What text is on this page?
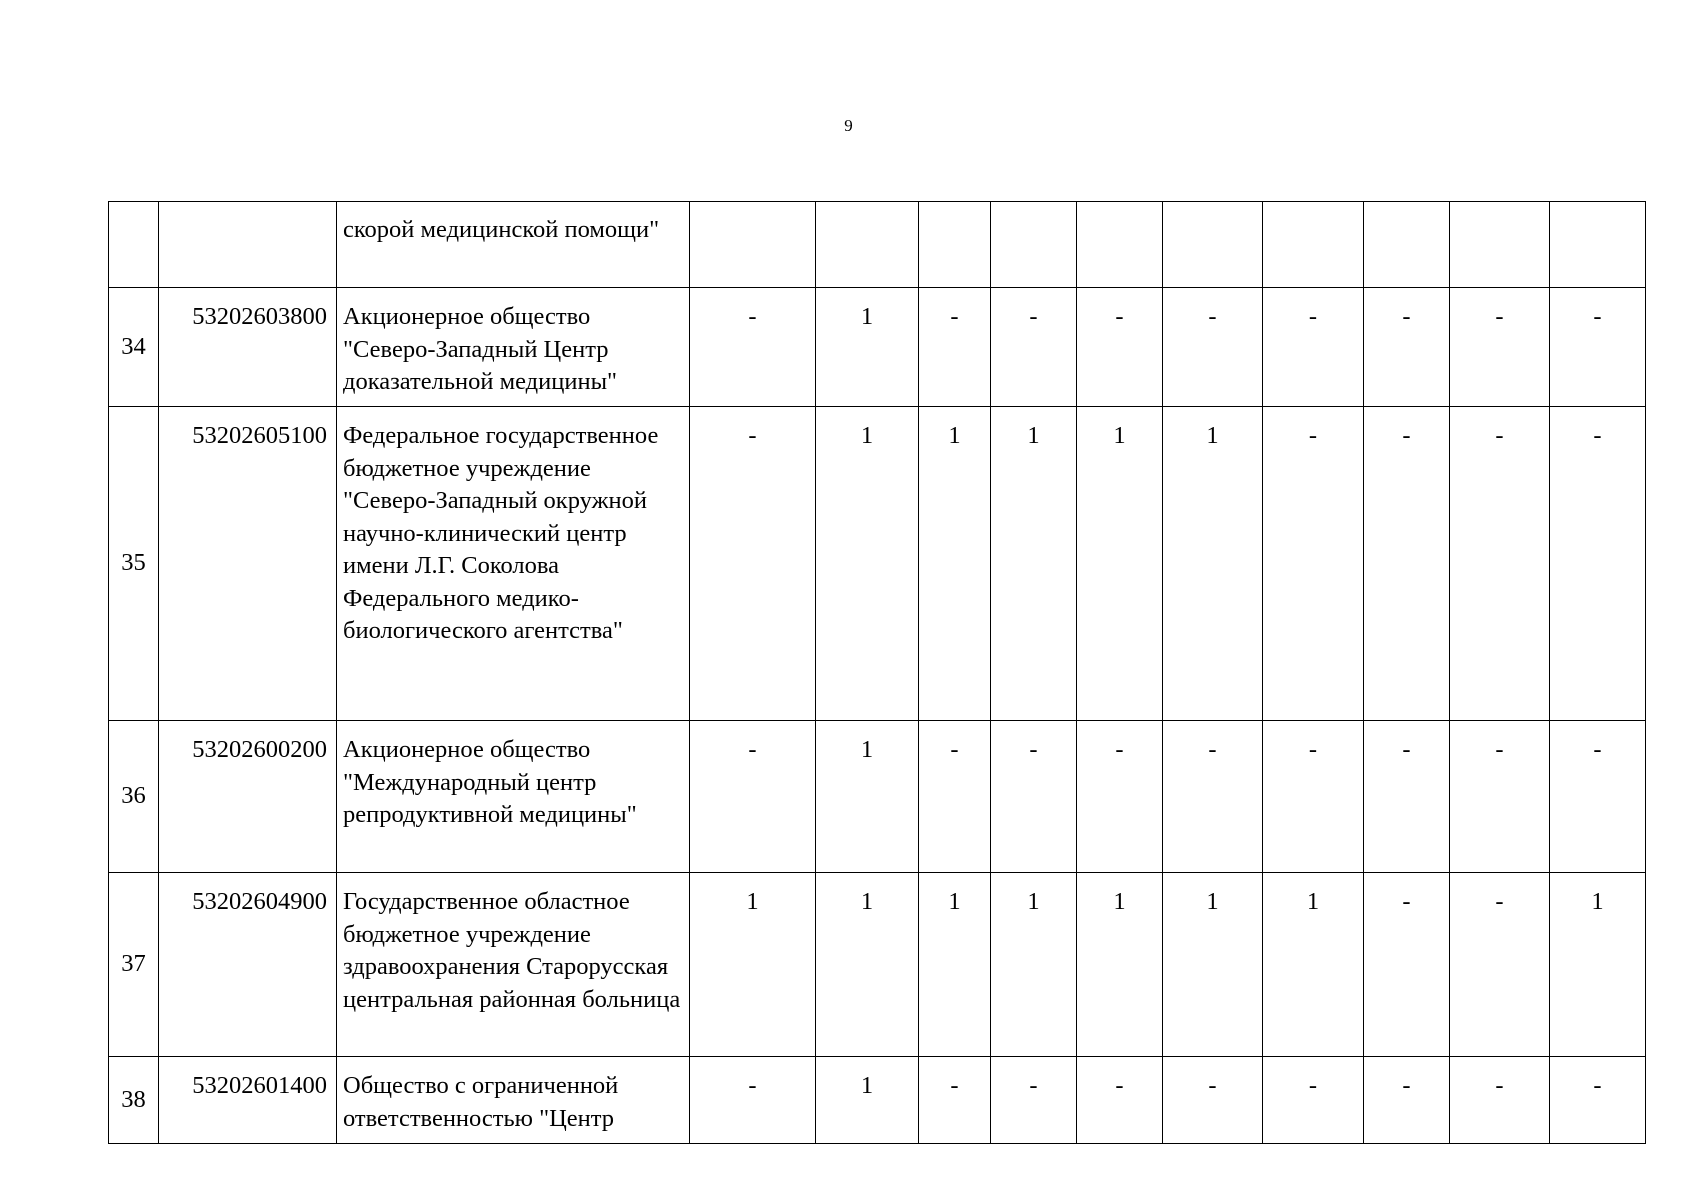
9
		скорой медицинской помощи"										
34	53202603800	Акционерное общество "Северо-Западный Центр доказательной медицины"	-	1	-	-	-	-	-	-	-	-
35	53202605100	Федеральное государственное бюджетное учреждение "Северо-Западный окружной научно-клинический центр имени Л.Г. Соколова Федерального медико-биологического агентства"	-	1	1	1	1	1	-	-	-	-
36	53202600200	Акционерное общество "Международный центр репродуктивной медицины"	-	1	-	-	-	-	-	-	-	-
37	53202604900	Государственное областное бюджетное учреждение здравоохранения Старорусская центральная районная больница	1	1	1	1	1	1	1	-	-	1
38	53202601400	Общество с ограниченной ответственностью "Центр	-	1	-	-	-	-	-	-	-	-
